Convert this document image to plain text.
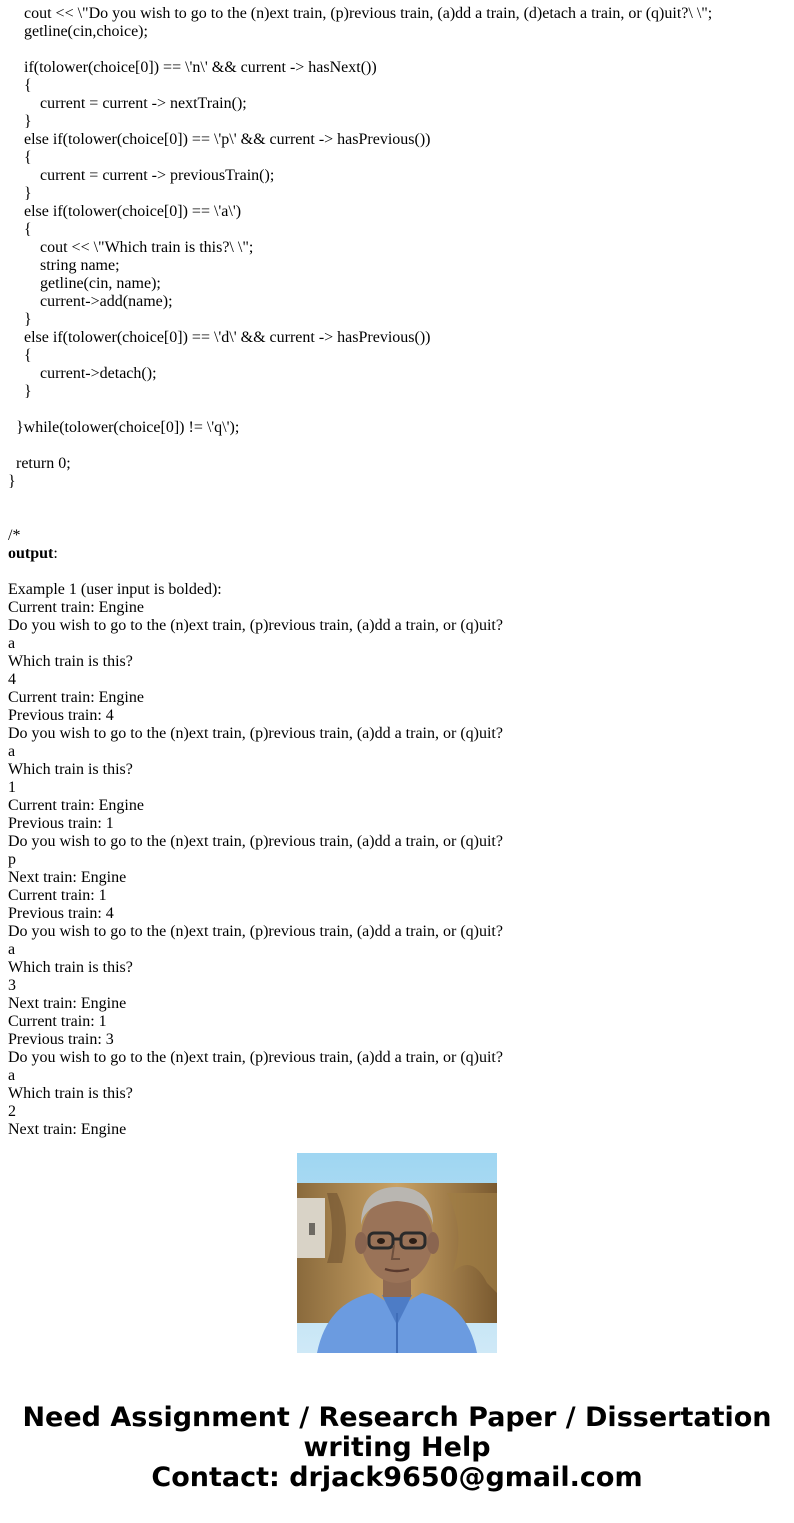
cout << \"Do you wish to go to the (n)ext train, (p)revious train, (a)dd a train, (d)etach a train, or (q)uit?\ \";
getline(cin,choice);
if(tolower(choice[0]) == \'n\' && current -> hasNext())
{
current = current -> nextTrain();
}
else if(tolower(choice[0]) == \'p\' && current -> hasPrevious())
{
current = current -> previousTrain();
}
else if(tolower(choice[0]) == \'a\')
{
cout << \"Which train is this?\ \";
string name;
getline(cin, name);
current->add(name);
}
else if(tolower(choice[0]) == \'d\' && current -> hasPrevious())
{
current->detach();
}
}while(tolower(choice[0]) != \'q\');
return 0;
}
/*
output:
Example 1 (user input is bolded):
Current train: Engine
Do you wish to go to the (n)ext train, (p)revious train, (a)dd a train, or (q)uit?
a
Which train is this?
4
Current train: Engine
Previous train: 4
Do you wish to go to the (n)ext train, (p)revious train, (a)dd a train, or (q)uit?
a
Which train is this?
1
Current train: Engine
Previous train: 1
Do you wish to go to the (n)ext train, (p)revious train, (a)dd a train, or (q)uit?
p
Next train: Engine
Current train: 1
Previous train: 4
Do you wish to go to the (n)ext train, (p)revious train, (a)dd a train, or (q)uit?
a
Which train is this?
3
Next train: Engine
Current train: 1
Previous train: 3
Do you wish to go to the (n)ext train, (p)revious train, (a)dd a train, or (q)uit?
a
Which train is this?
2
Next train: Engine
Need Assignment / Research Paper / Dissertation
writing Help
Contact: drjack9650@gmail.com
